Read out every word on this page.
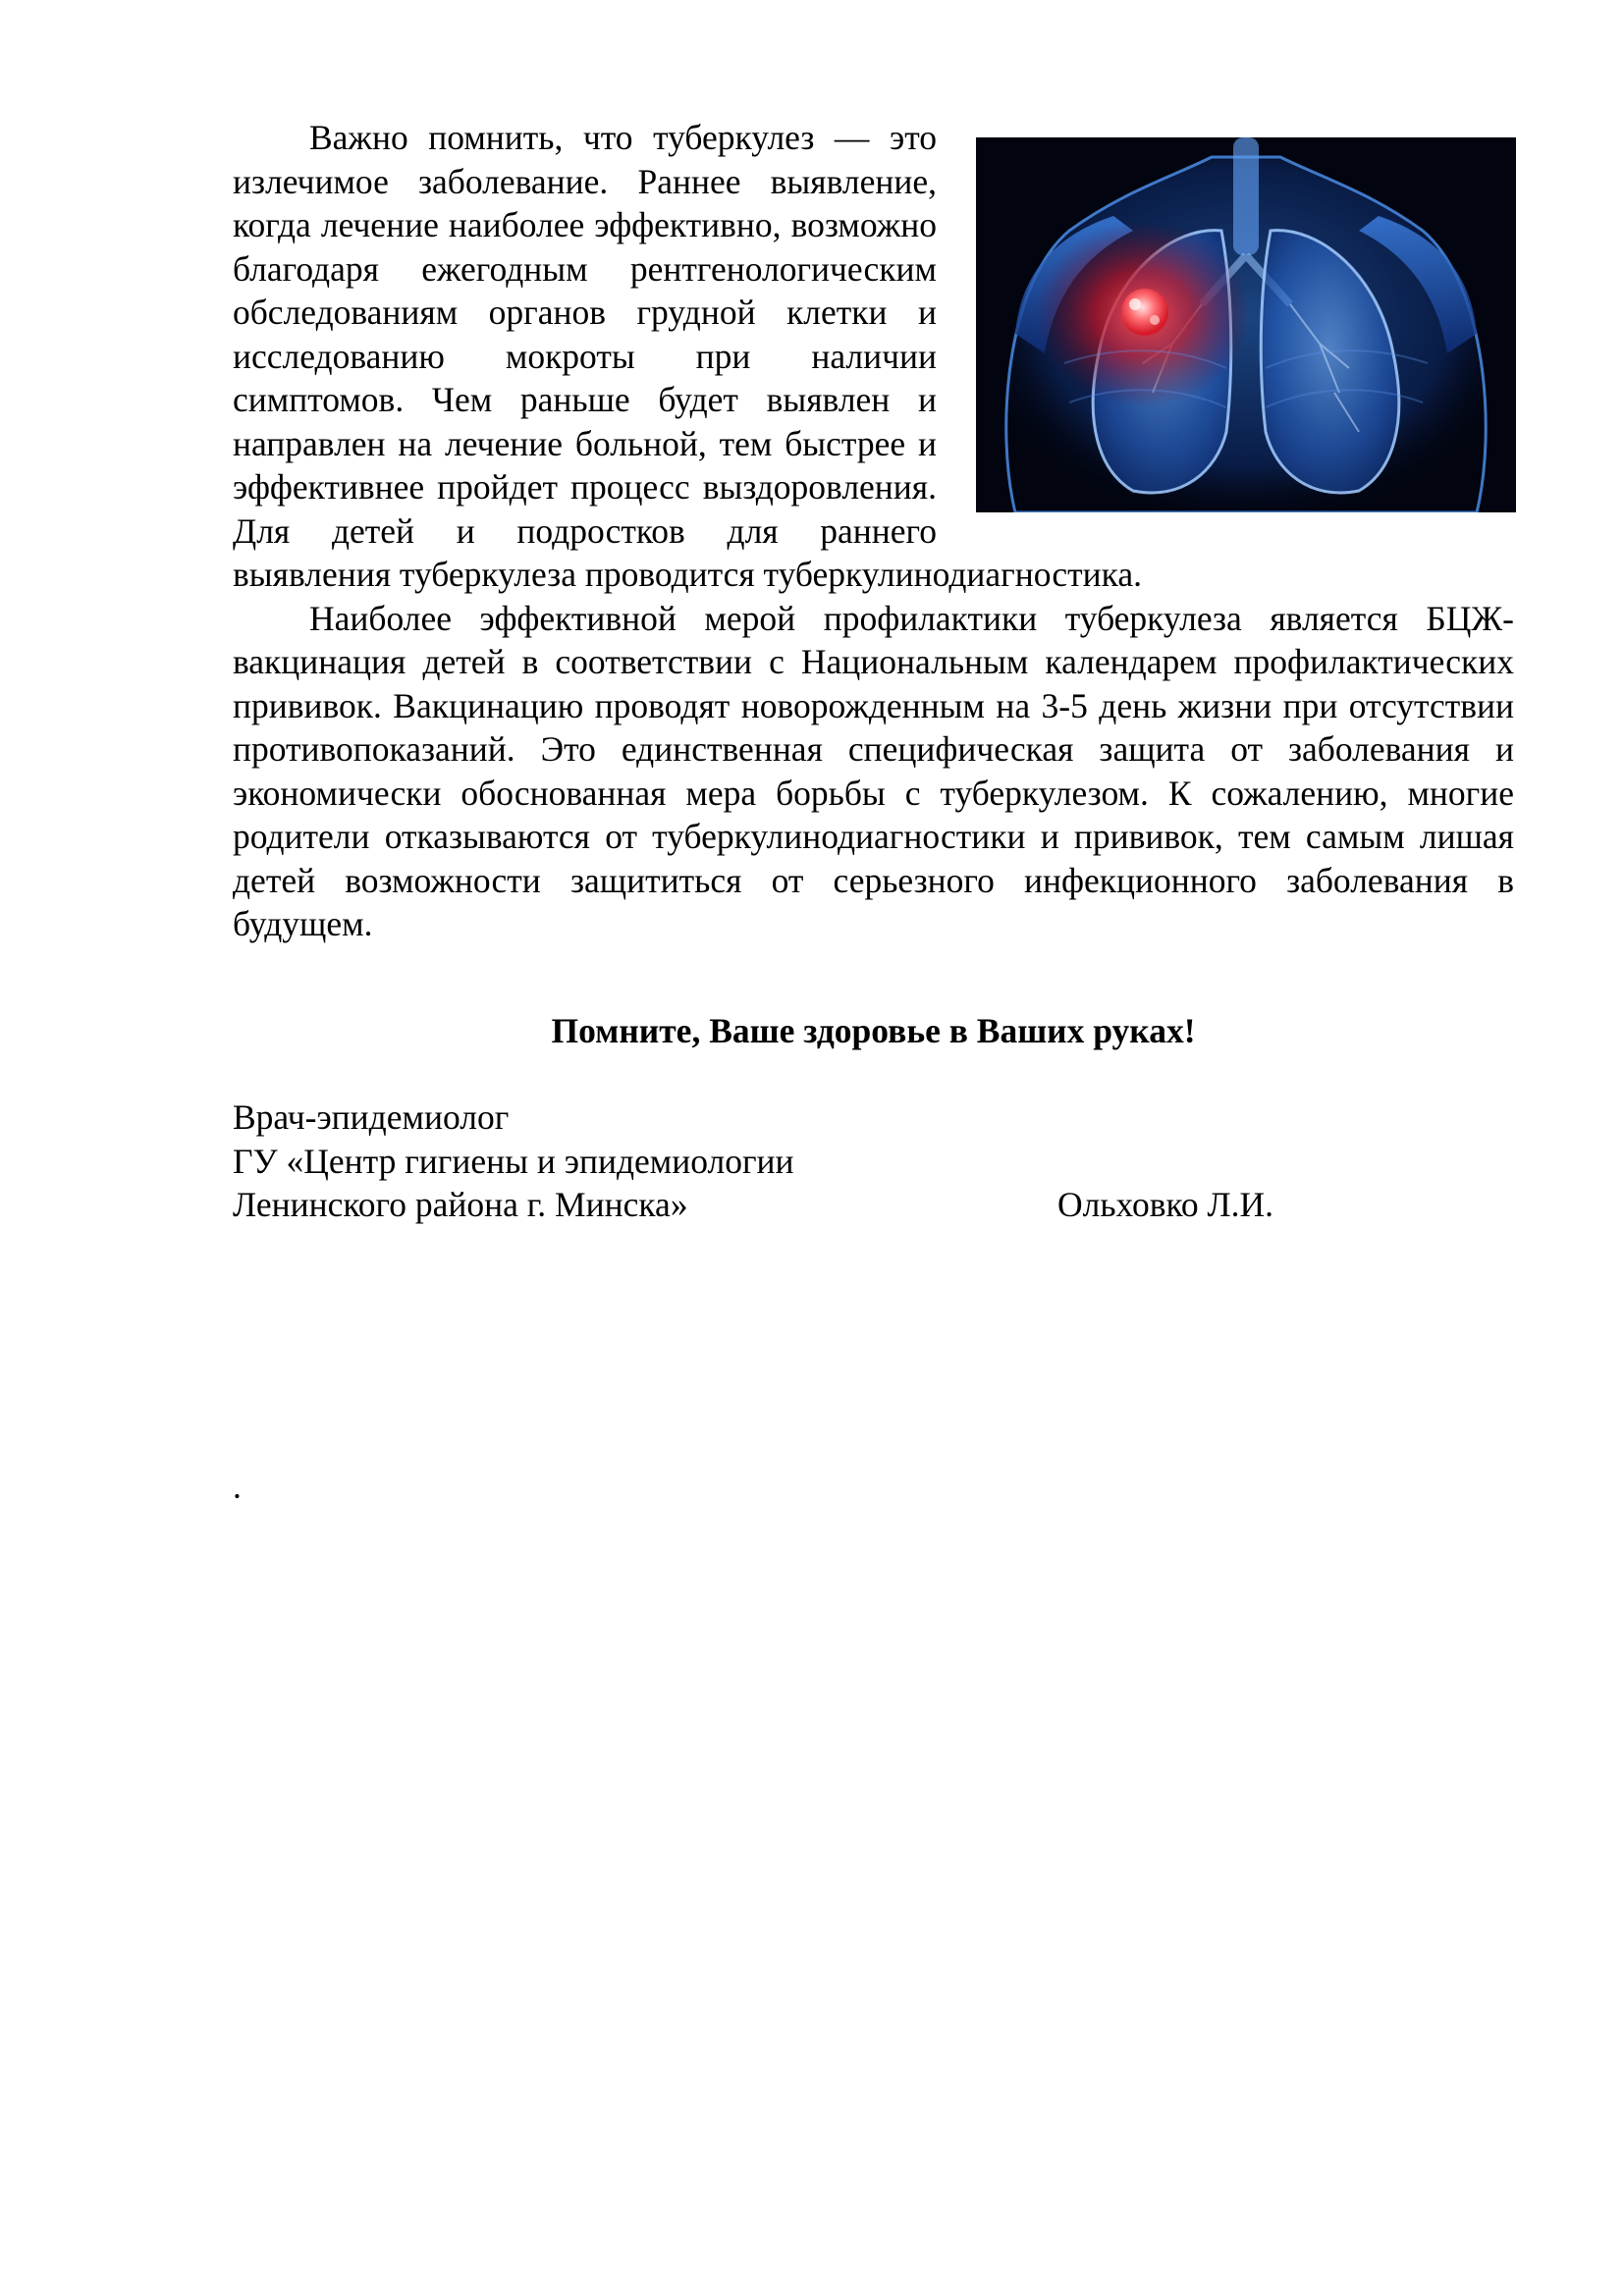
Важно помнить, что туберкулез — это излечимое заболевание. Раннее выявление, когда лечение наиболее эффективно, возможно благодаря ежегодным рентгенологическим обследованиям органов грудной клетки и исследованию мокроты при наличии симптомов. Чем раньше будет выявлен и направлен на лечение больной, тем быстрее и эффективнее пройдет процесс выздоровления. Для детей и подростков для раннего выявления туберкулеза проводится туберкулинодиагностика.

Наиболее эффективной мерой профилактики туберкулеза является БЦЖ-вакцинация детей в соответствии с Национальным календарем профилактических прививок. Вакцинацию проводят новорожденным на 3-5 день жизни при отсутствии противопоказаний. Это единственная специфическая защита от заболевания и экономически обоснованная мера борьбы с туберкулезом. К сожалению, многие родители отказываются от туберкулинодиагностики и прививок, тем самым лишая детей возможности защититься от серьезного инфекционного заболевания в будущем.

Помните, Ваше здоровье в Ваших руках!

Врач-эпидемиолог
ГУ «Центр гигиены и эпидемиологии
Ленинского района г. Минска»	Ольховко Л.И.
.
